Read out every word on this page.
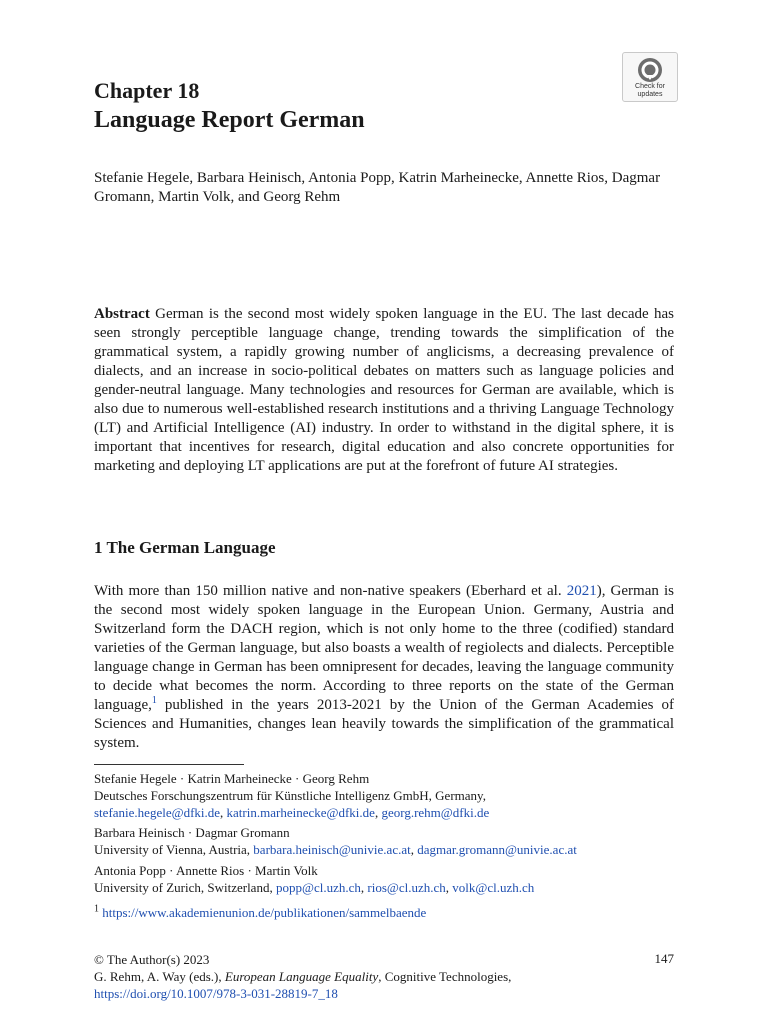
Check for
updates
Chapter 18
Language Report German
Stefanie Hegele, Barbara Heinisch, Antonia Popp, Katrin Marheinecke, Annette Rios, Dagmar Gromann, Martin Volk, and Georg Rehm
Abstract German is the second most widely spoken language in the EU. The last decade has seen strongly perceptible language change, trending towards the simplification of the grammatical system, a rapidly growing number of anglicisms, a decreasing prevalence of dialects, and an increase in socio-political debates on matters such as language policies and gender-neutral language. Many technologies and resources for German are available, which is also due to numerous well-established research institutions and a thriving Language Technology (LT) and Artificial Intelligence (AI) industry. In order to withstand in the digital sphere, it is important that incentives for research, digital education and also concrete opportunities for marketing and deploying LT applications are put at the forefront of future AI strategies.
1 The German Language
With more than 150 million native and non-native speakers (Eberhard et al. 2021), German is the second most widely spoken language in the European Union. Germany, Austria and Switzerland form the DACH region, which is not only home to the three (codified) standard varieties of the German language, but also boasts a wealth of regiolects and dialects. Perceptible language change in German has been omnipresent for decades, leaving the language community to decide what becomes the norm. According to three reports on the state of the German language,$^1$ published in the years 2013-2021 by the Union of the German Academies of Sciences and Humanities, changes lean heavily towards the simplification of the grammatical system.
Stefanie Hegele · Katrin Marheinecke · Georg Rehm
Deutsches Forschungszentrum für Künstliche Intelligenz GmbH, Germany,
stefanie.hegele@dfki.de, katrin.marheinecke@dfki.de, georg.rehm@dfki.de
Barbara Heinisch · Dagmar Gromann
University of Vienna, Austria, barbara.heinisch@univie.ac.at, dagmar.gromann@univie.ac.at
Antonia Popp · Annette Rios · Martin Volk
University of Zurich, Switzerland, popp@cl.uzh.ch, rios@cl.uzh.ch, volk@cl.uzh.ch
$^1$ https://www.akademienunion.de/publikationen/sammelbaende
© The Author(s) 2023
G. Rehm, A. Way (eds.), European Language Equality, Cognitive Technologies,
https://doi.org/10.1007/978-3-031-28819-7_18
147
